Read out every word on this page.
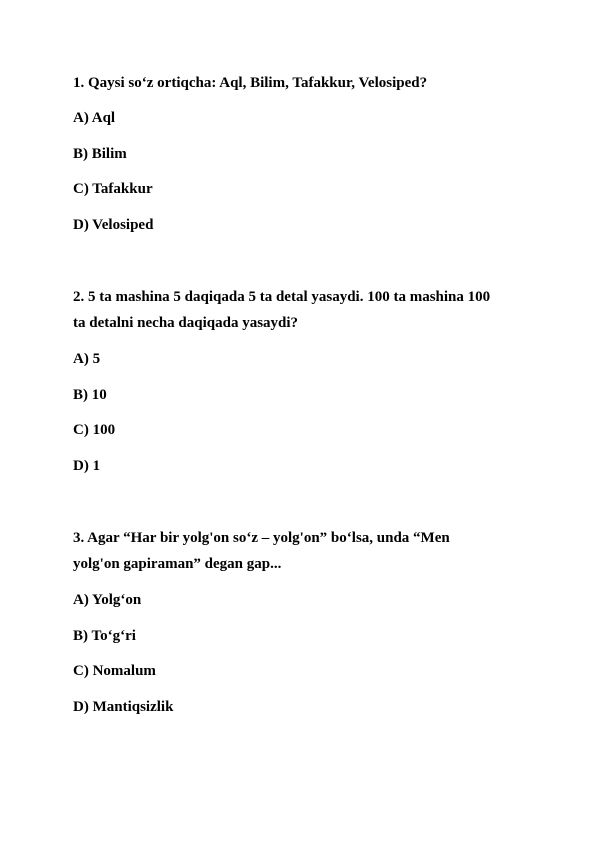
1. Qaysi so‘z ortiqcha: Aql, Bilim, Tafakkur, Velosiped?
A) Aql
B) Bilim
C) Tafakkur
D) Velosiped
2. 5 ta mashina 5 daqiqada 5 ta detal yasaydi. 100 ta mashina 100
ta detalni necha daqiqada yasaydi?
A) 5
B) 10
C) 100
D) 1
3. Agar “Har bir yolg'on so‘z – yolg'on” bo‘lsa, unda “Men
yolg'on gapiraman” degan gap...
A) Yolg‘on
B) To‘g‘ri
C) Nomalum
D) Mantiqsizlik
